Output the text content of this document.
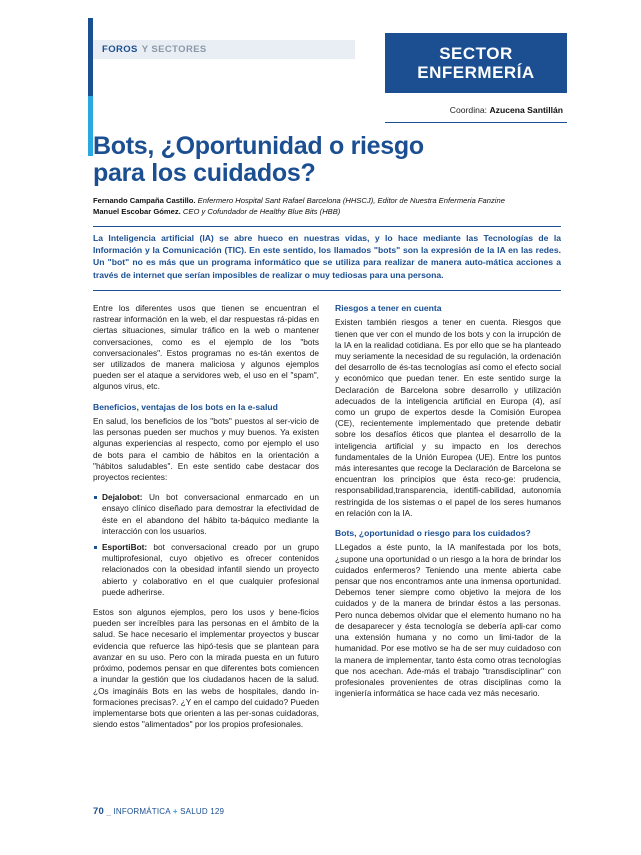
FOROS Y SECTORES	SECTOR
ENFERMERÍA
Coordina: Azucena Santillán
Bots, ¿Oportunidad o riesgo
para los cuidados?
Fernando Campaña Castillo. Enfermero Hospital Sant Rafael Barcelona (HHSCJ), Editor de Nuestra Enfermeria Fanzine
Manuel Escobar Gómez. CEO y Cofundador de Healthy Blue Bits (HBB)
La Inteligencia artificial (IA) se abre hueco en nuestras vidas, y lo hace mediante las Tecnologías de la Información y la Comunicación (TIC). En este sentido, los llamados "bots" son la expresión de la IA en las redes. Un "bot" no es más que un programa informático que se utiliza para realizar de manera auto-mática acciones a través de internet que serían imposibles de realizar o muy tediosas para una persona.

Entre los diferentes usos que tienen se encuentran el rastrear información en la web, el dar respuestas rá-pidas en ciertas situaciones, simular tráfico en la web o mantener conversaciones, como es el ejemplo de los "bots conversacionales". Estos programas no es-tán exentos de ser utilizados de manera maliciosa y algunos ejemplos pueden ser el ataque a servidores web, el uso en el "spam", algunos virus, etc.

Beneficios, ventajas de los bots en la e-salud

En salud, los beneficios de los "bots" puestos al ser-vicio de las personas pueden ser muchos y muy buenos. Ya existen algunas experiencias al respecto, como por ejemplo el uso de bots para el cambio de hábitos en la orientación a "hábitos saludables". En este sentido cabe destacar dos proyectos recientes:

Dejalobot: Un bot conversacional enmarcado en un ensayo clínico diseñado para demostrar la efectividad de éste en el abandono del hábito ta-báquico mediante la interacción con los usuarios.
EsportiBot: bot conversacional creado por un grupo multiprofesional, cuyo objetivo es ofrecer contenidos relacionados con la obesidad infantil siendo un proyecto abierto y colaborativo en el que cualquier profesional puede adherirse.

Estos son algunos ejemplos, pero los usos y bene-ficios pueden ser increíbles para las personas en el ámbito de la salud. Se hace necesario el implementar proyectos y buscar evidencia que refuerce las hipó-tesis que se plantean para avanzar en su uso. Pero con la mirada puesta en un futuro próximo, podemos pensar en que diferentes bots comiencen a inundar la gestión que los ciudadanos hacen de la salud. ¿Os imagináis Bots en las webs de hospitales, dando in-formaciones precisas?. ¿Y en el campo del cuidado? Pueden implementarse bots que orienten a las per-sonas cuidadoras, siendo estos "alimentados" por los propios profesionales.

Riesgos a tener en cuenta

Existen también riesgos a tener en cuenta. Riesgos que tienen que ver con el mundo de los bots y con la irrupción de la IA en la realidad cotidiana. Es por ello que se ha planteado muy seriamente la necesidad de su regulación, la ordenación del desarrollo de és-tas tecnologías así como el efecto social y económico que puedan tener. En este sentido surge la Declaración de Barcelona sobre desarrollo y utilización adecuados de la inteligencia artificial en Europa (4), así como un grupo de expertos desde la Comisión Europea (CE), recientemente implementado que pretende debatir sobre los desafíos éticos que plantea el desarrollo de la inteligencia artificial y su impacto en los derechos fundamentales de la Unión Europea (UE). Entre los puntos más interesantes que recoge la Declaración de Barcelona se encuentran los principios que ésta reco-ge: prudencia, responsabilidad,transparencia, identifi-cabilidad, autonomía restringida de los sistemas o el papel de los seres humanos en relación con la IA.

Bots, ¿oportunidad o riesgo para los cuidados?

LLegados a éste punto, la IA manifestada por los bots, ¿supone una oportunidad o un riesgo a la hora de brindar los cuidados enfermeros? Teniendo una mente abierta cabe pensar que nos encontramos ante una inmensa oportunidad. Debemos tener siempre como objetivo la mejora de los cuidados y de la manera de brindar éstos a las personas. Pero nunca debemos olvidar que el elemento humano no ha de desaparecer y ésta tecnología se debería apli-car como una extensión humana y no como un limi-tador de la humanidad. Por ese motivo se ha de ser muy cuidadoso con la manera de implementar, tanto ésta como otras tecnologías que nos acechan. Ade-más el trabajo "transdisciplinar" con profesionales provenientes de otras disciplinas como la ingeniería informática se hace cada vez más necesario.

70 _ INFORMÁTICA + SALUD 129
